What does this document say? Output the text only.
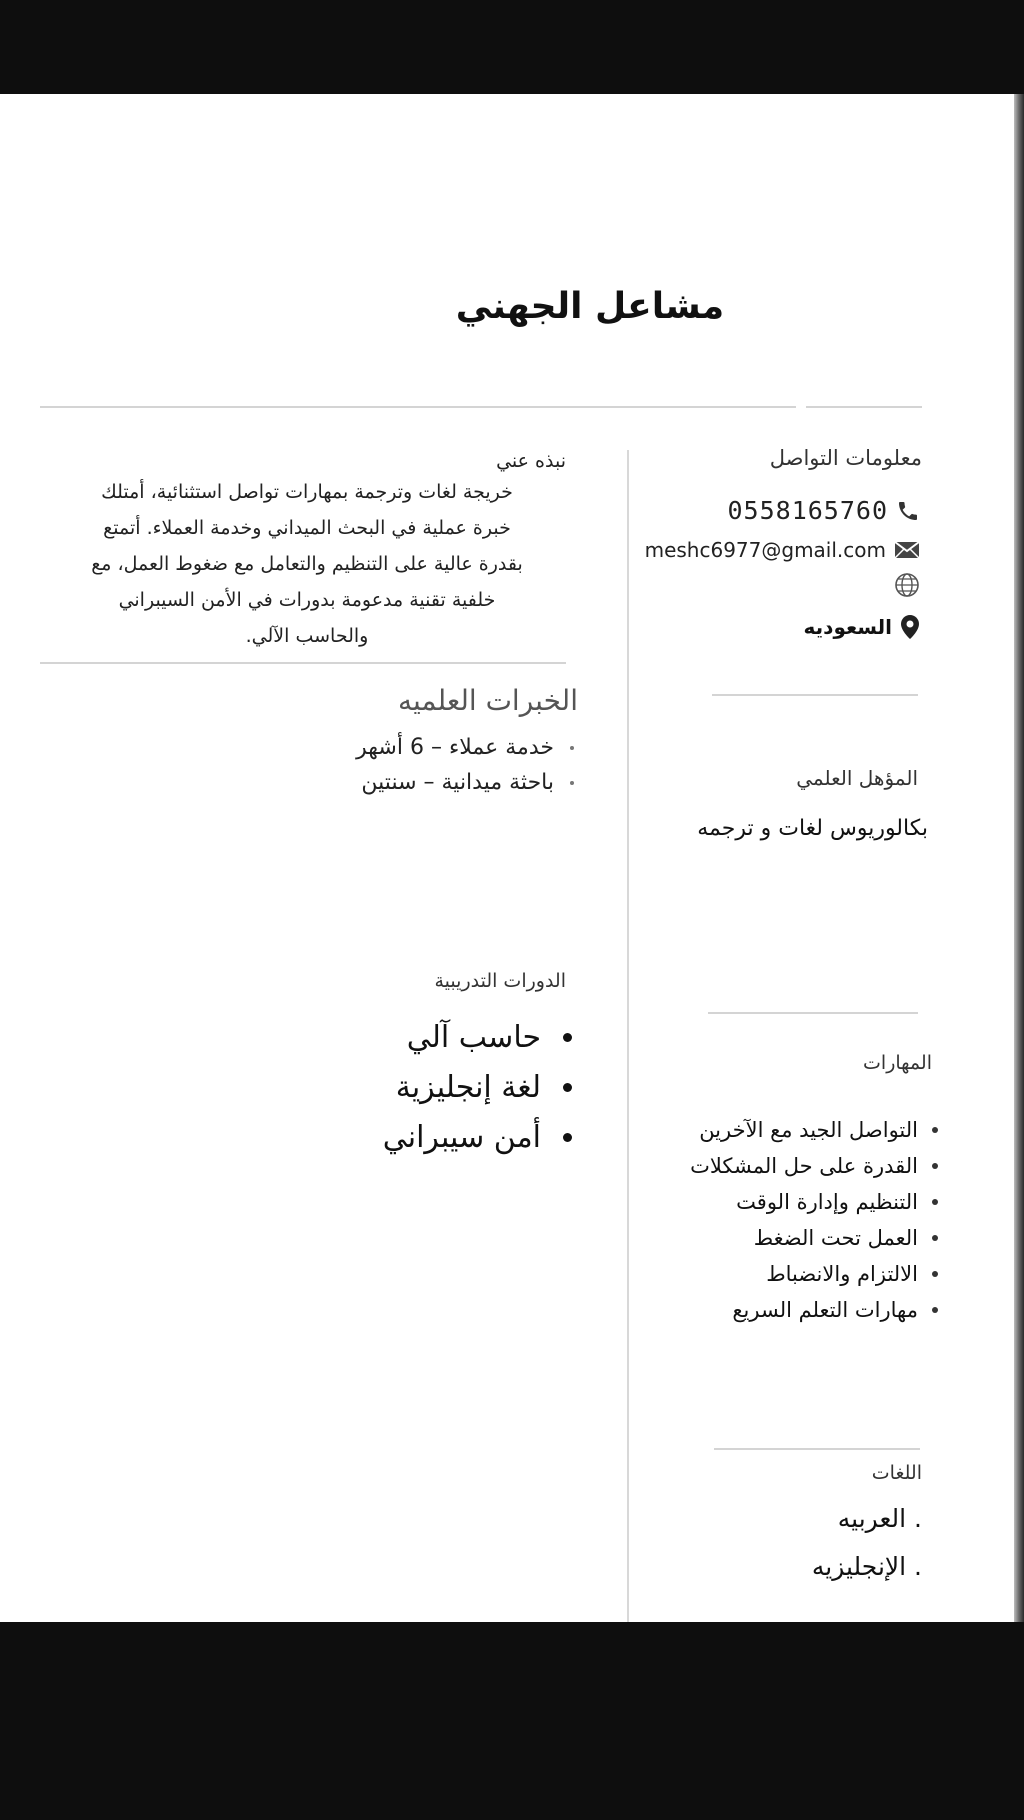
مشاعل الجهني
معلومات التواصل
0558165760
meshc6977@gmail.com
السعوديه
المؤهل العلمي
بكالوريوس لغات و ترجمه
المهارات
التواصل الجيد مع الآخرين
القدرة على حل المشكلات
التنظيم وإدارة الوقت
العمل تحت الضغط
الالتزام والانضباط
مهارات التعلم السريع
اللغات
. العربيه
. الإنجليزيه
نبذه عني
خريجة لغات وترجمة بمهارات تواصل استثنائية، أمتلك
خبرة عملية في البحث الميداني وخدمة العملاء. أتمتع
بقدرة عالية على التنظيم والتعامل مع ضغوط العمل، مع
خلفية تقنية مدعومة بدورات في الأمن السيبراني
والحاسب الآلي.
الخبرات العلميه
خدمة عملاء – 6 أشهر
باحثة ميدانية – سنتين
الدورات التدريبية
حاسب آلي
لغة إنجليزية
أمن سيبراني
